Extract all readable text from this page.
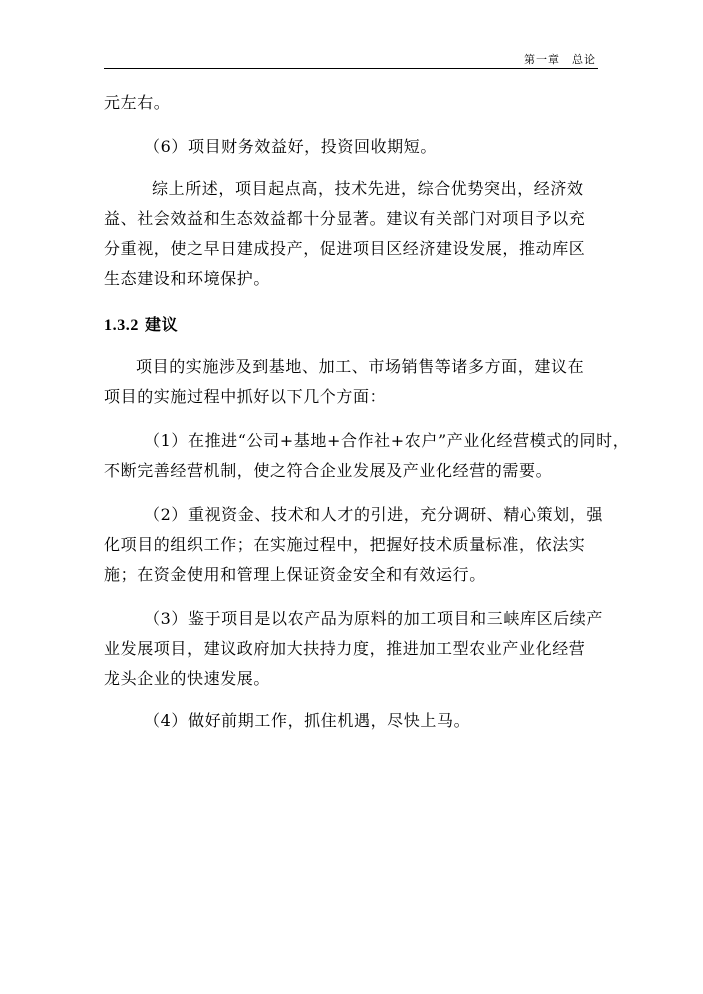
第一章 总论

元左右。

（6）项目财务效益好，投资回收期短。

综上所述，项目起点高，技术先进，综合优势突出，经济效
益、社会效益和生态效益都十分显著。建议有关部门对项目予以充
分重视，使之早日建成投产，促进项目区经济建设发展，推动库区
生态建设和环境保护。

1.3.2 建议

项目的实施涉及到基地、加工、市场销售等诸多方面，建议在
项目的实施过程中抓好以下几个方面：

（1）在推进“公司+基地+合作社+农户”产业化经营模式的同时，
不断完善经营机制，使之符合企业发展及产业化经营的需要。

（2）重视资金、技术和人才的引进，充分调研、精心策划，强
化项目的组织工作；在实施过程中，把握好技术质量标准，依法实
施；在资金使用和管理上保证资金安全和有效运行。

（3）鉴于项目是以农产品为原料的加工项目和三峡库区后续产
业发展项目，建议政府加大扶持力度，推进加工型农业产业化经营
龙头企业的快速发展。

（4）做好前期工作，抓住机遇，尽快上马。
